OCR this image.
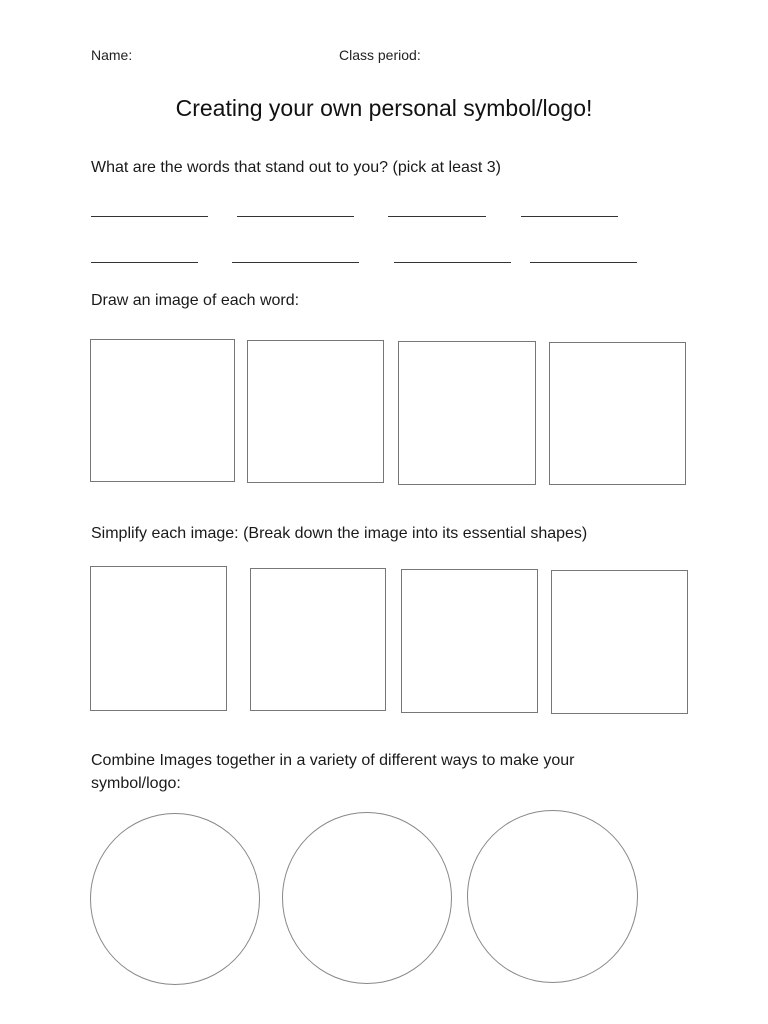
Name:	Class period:
Creating your own personal symbol/logo!
What are the words that stand out to you? (pick at least 3)
Draw an image of each word:
Simplify each image: (Break down the image into its essential shapes)
Combine Images together in a variety of different ways to make your symbol/logo:
